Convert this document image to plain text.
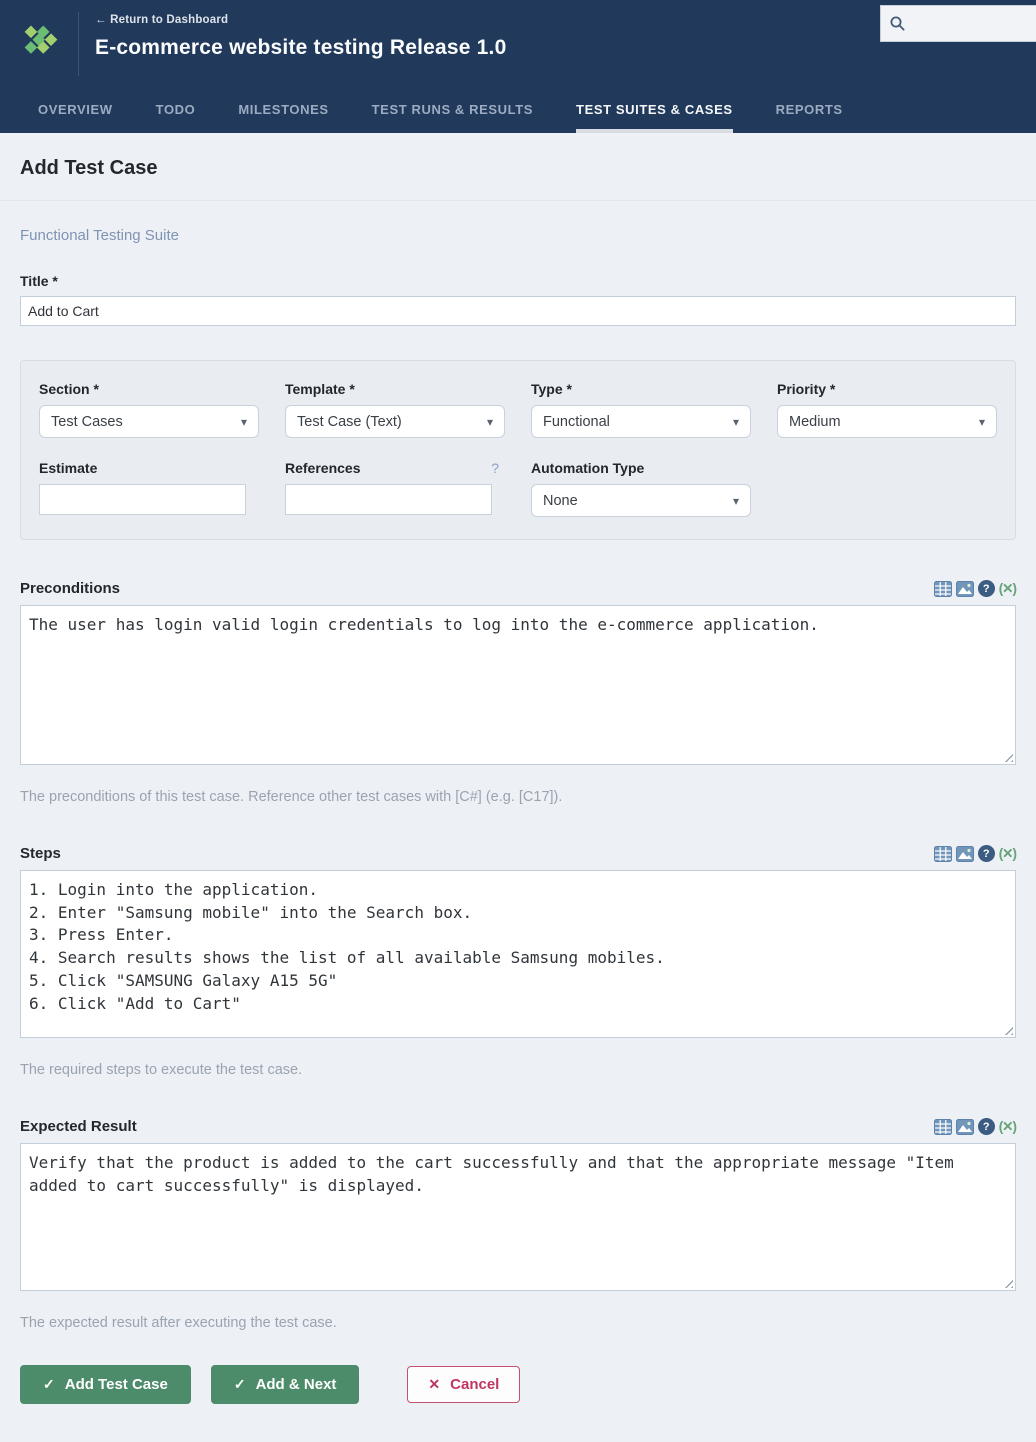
← Return to Dashboard
E-commerce website testing Release 1.0
OVERVIEW	TODO	MILESTONES	TEST RUNS & RESULTS	TEST SUITES & CASES	REPORTS
Add Test Case
Functional Testing Suite
Title *
Add to Cart
Section *
Test Cases	▾
Template *
Test Case (Text)	▾
Type *
Functional	▾
Priority *
Medium	▾
Estimate	References	? Automation Type
None	▾
Preconditions	? (✕)
The user has login valid login credentials to log into the e-commerce application.
The preconditions of this test case. Reference other test cases with [C#] (e.g. [C17]).
Steps	? (✕)
1. Login into the application. 2. Enter "Samsung mobile" into the Search box. 3. Press Enter. 4. Search results shows the list of all available Samsung mobiles. 5. Click "SAMSUNG Galaxy A15 5G" 6. Click "Add to Cart"
The required steps to execute the test case.
Expected Result	? (✕)
Verify that the product is added to the cart successfully and that the appropriate message "Item added to cart successfully" is displayed.
The expected result after executing the test case.
✓ Add Test Case	✓ Add & Next	✕ Cancel
